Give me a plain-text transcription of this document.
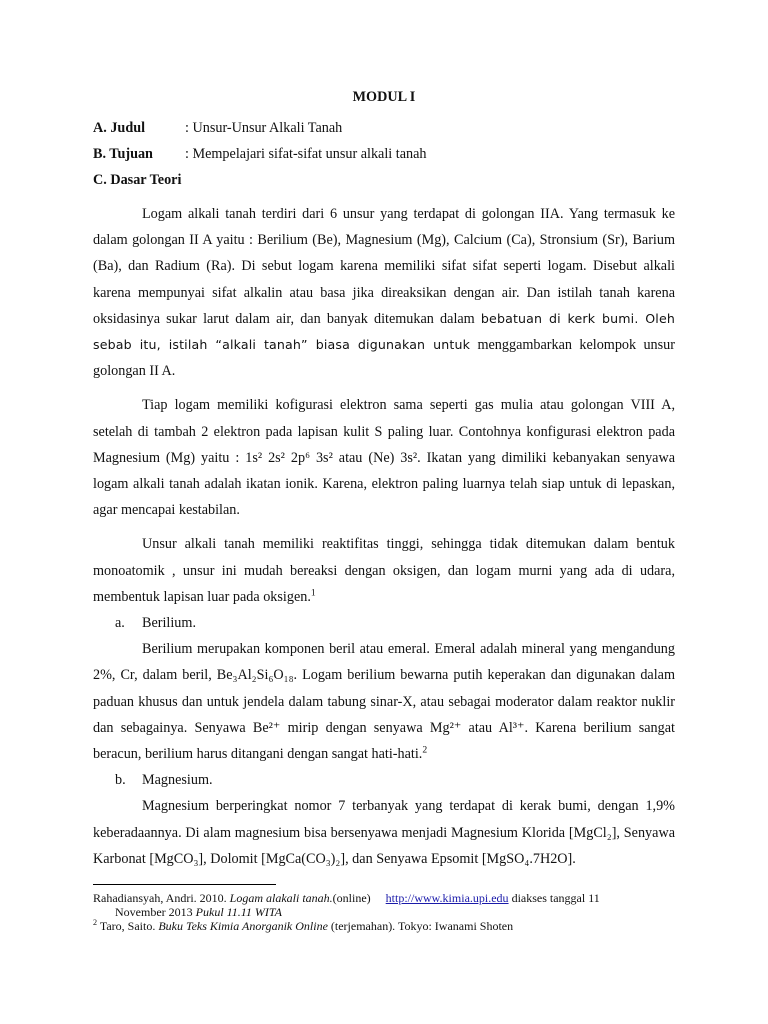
MODUL I
A. Judul	: Unsur-Unsur Alkali Tanah
B. Tujuan	: Mempelajari sifat-sifat unsur alkali tanah
C. Dasar Teori

Logam alkali tanah terdiri dari 6 unsur yang terdapat di golongan IIA. Yang termasuk ke dalam golongan II A yaitu : Berilium (Be), Magnesium (Mg), Calcium (Ca), Stronsium (Sr), Barium (Ba), dan Radium (Ra). Di sebut logam karena memiliki sifat sifat seperti logam. Disebut alkali karena mempunyai sifat alkalin atau basa jika direaksikan dengan air. Dan istilah tanah karena oksidasinya sukar larut dalam air, dan banyak ditemukan dalam bebatuan di kerk bumi. Oleh sebab itu, istilah “alkali tanah” biasa digunakan untuk menggambarkan kelompok unsur golongan II A.

Tiap logam memiliki kofigurasi elektron sama seperti gas mulia atau golongan VIII A, setelah di tambah 2 elektron pada lapisan kulit S paling luar. Contohnya konfigurasi elektron pada Magnesium (Mg) yaitu : 1s² 2s² 2p⁶ 3s² atau (Ne) 3s². Ikatan yang dimiliki kebanyakan senyawa logam alkali tanah adalah ikatan ionik. Karena, elektron paling luarnya telah siap untuk di lepaskan, agar mencapai kestabilan.

Unsur alkali tanah memiliki reaktifitas tinggi, sehingga tidak ditemukan dalam bentuk monoatomik , unsur ini mudah bereaksi dengan oksigen, dan logam murni yang ada di udara, membentuk lapisan luar pada oksigen.$^1$

a. Berilium.

Berilium merupakan komponen beril atau emeral. Emeral adalah mineral yang mengandung 2%, Cr, dalam beril, Be₃Al₂Si₆O₁₈. Logam berilium bewarna putih keperakan dan digunakan dalam paduan khusus dan untuk jendela dalam tabung sinar-X, atau sebagai moderator dalam reaktor nuklir dan sebagainya. Senyawa Be²⁺ mirip dengan senyawa Mg²⁺ atau Al³⁺. Karena berilium sangat beracun, berilium harus ditangani dengan sangat hati-hati.$^2$

b. Magnesium.

Magnesium berperingkat nomor 7 terbanyak yang terdapat di kerak bumi, dengan 1,9% keberadaannya. Di alam magnesium bisa bersenyawa menjadi Magnesium Klorida [MgCl₂], Senyawa Karbonat [MgCO₃], Dolomit [MgCa(CO₃)₂], dan Senyawa Epsomit [MgSO₄.7H2O].

Rahadiansyah, Andri. 2010. Logam alakali tanah.(online) http://www.kimia.upi.edu diakses tanggal 11
November 2013 Pukul 11.11 WITA
$^2$ Taro, Saito. Buku Teks Kimia Anorganik Online (terjemahan). Tokyo: Iwanami Shoten
